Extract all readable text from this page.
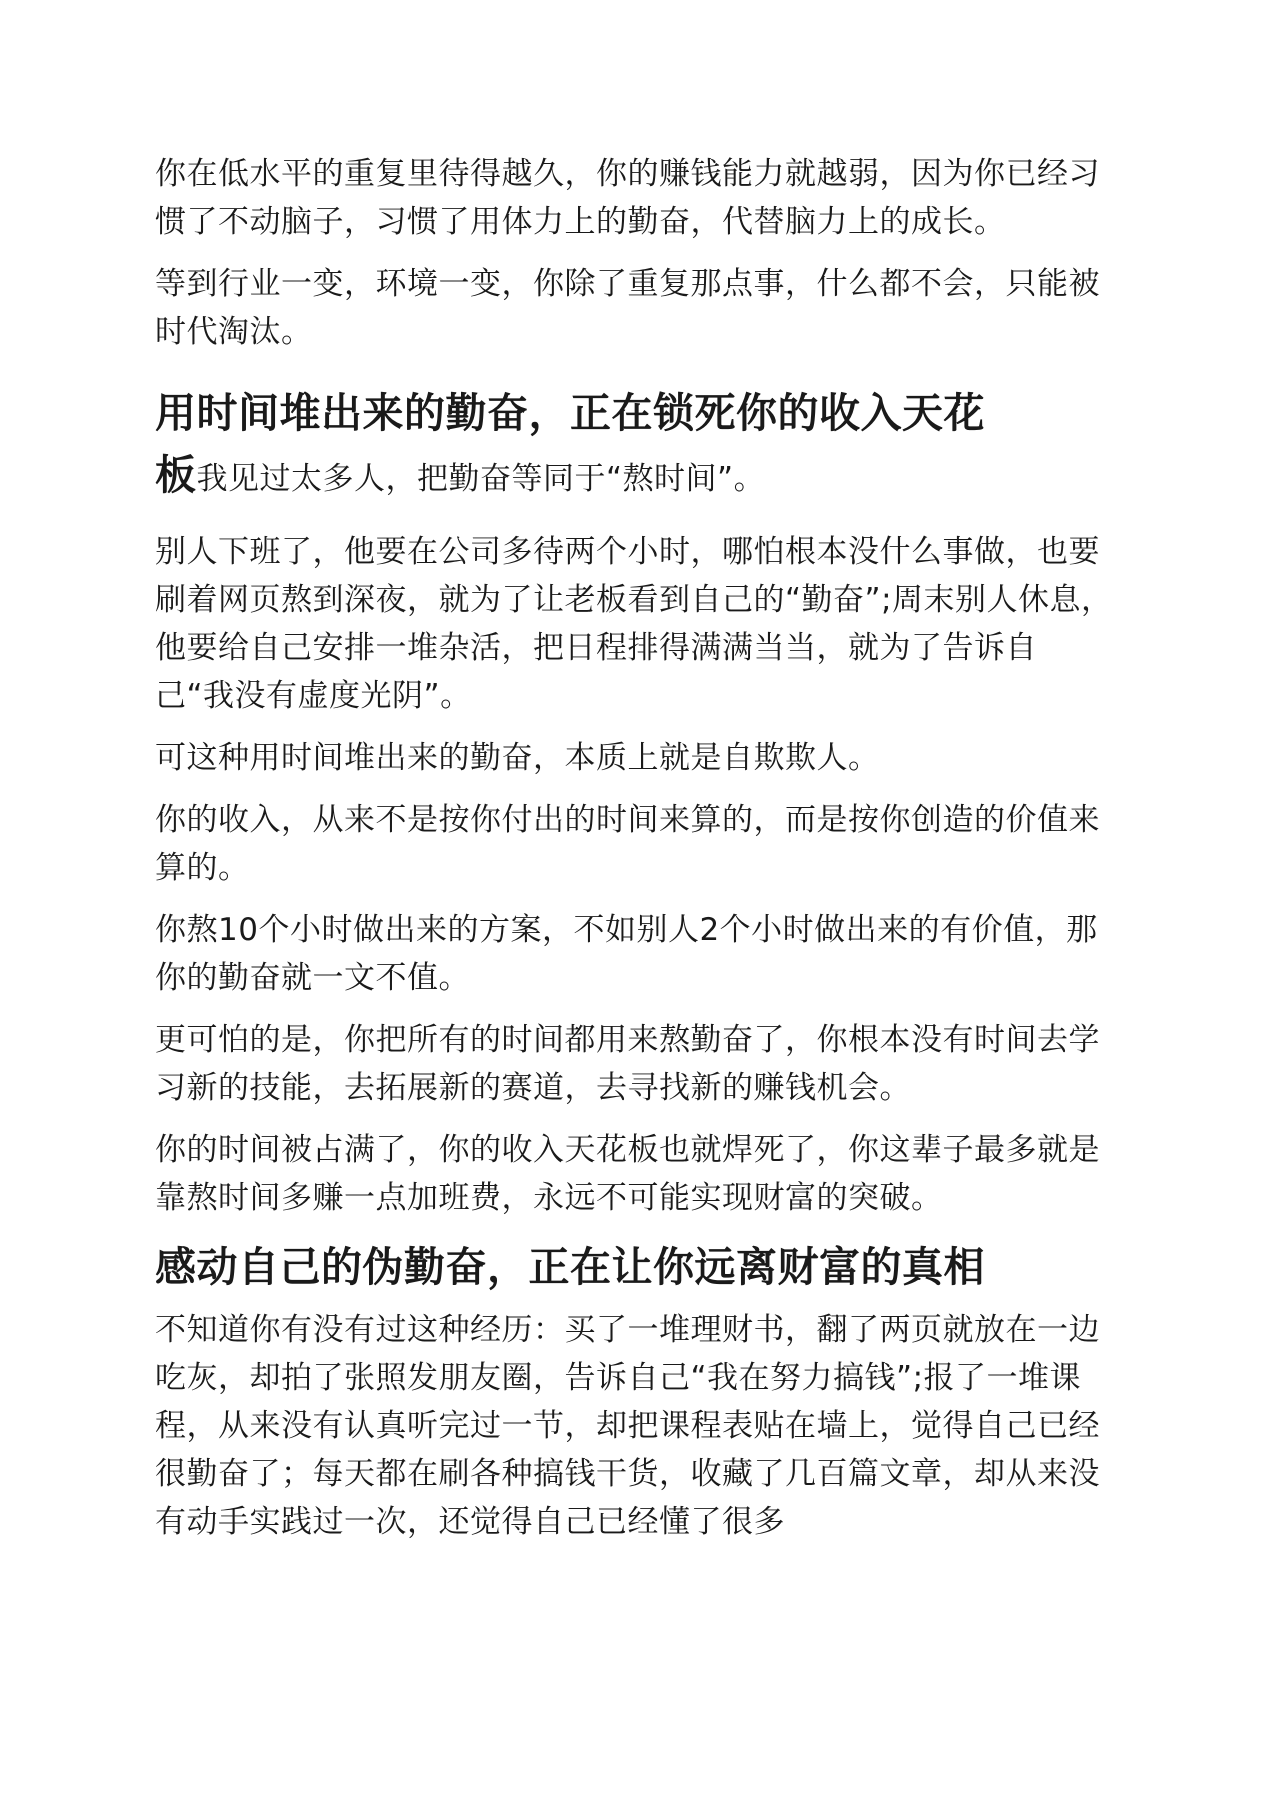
你在低水平的重复里待得越久，你的赚钱能力就越弱，因为你已经习惯了不动脑子，习惯了用体力上的勤奋，代替脑力上的成长。

等到行业一变，环境一变，你除了重复那点事，什么都不会，只能被时代淘汰。

用时间堆出来的勤奋，正在锁死你的收入天花

板我见过太多人，把勤奋等同于“熬时间”。

别人下班了，他要在公司多待两个小时，哪怕根本没什么事做，也要刷着网页熬到深夜，就为了让老板看到自己的“勤奋”;周末别人休息，他要给自己安排一堆杂活，把日程排得满满当当，就为了告诉自己“我没有虚度光阴”。

可这种用时间堆出来的勤奋，本质上就是自欺欺人。

你的收入，从来不是按你付出的时间来算的，而是按你创造的价值来算的。

你熬10个小时做出来的方案，不如别人2个小时做出来的有价值，那你的勤奋就一文不值。

更可怕的是，你把所有的时间都用来熬勤奋了，你根本没有时间去学习新的技能，去拓展新的赛道，去寻找新的赚钱机会。

你的时间被占满了，你的收入天花板也就焊死了，你这辈子最多就是靠熬时间多赚一点加班费，永远不可能实现财富的突破。

感动自己的伪勤奋，正在让你远离财富的真相

不知道你有没有过这种经历：买了一堆理财书，翻了两页就放在一边吃灰，却拍了张照发朋友圈，告诉自己“我在努力搞钱”;报了一堆课程，从来没有认真听完过一节，却把课程表贴在墙上，觉得自己已经很勤奋了；每天都在刷各种搞钱干货，收藏了几百篇文章，却从来没有动手实践过一次，还觉得自己已经懂了很多
